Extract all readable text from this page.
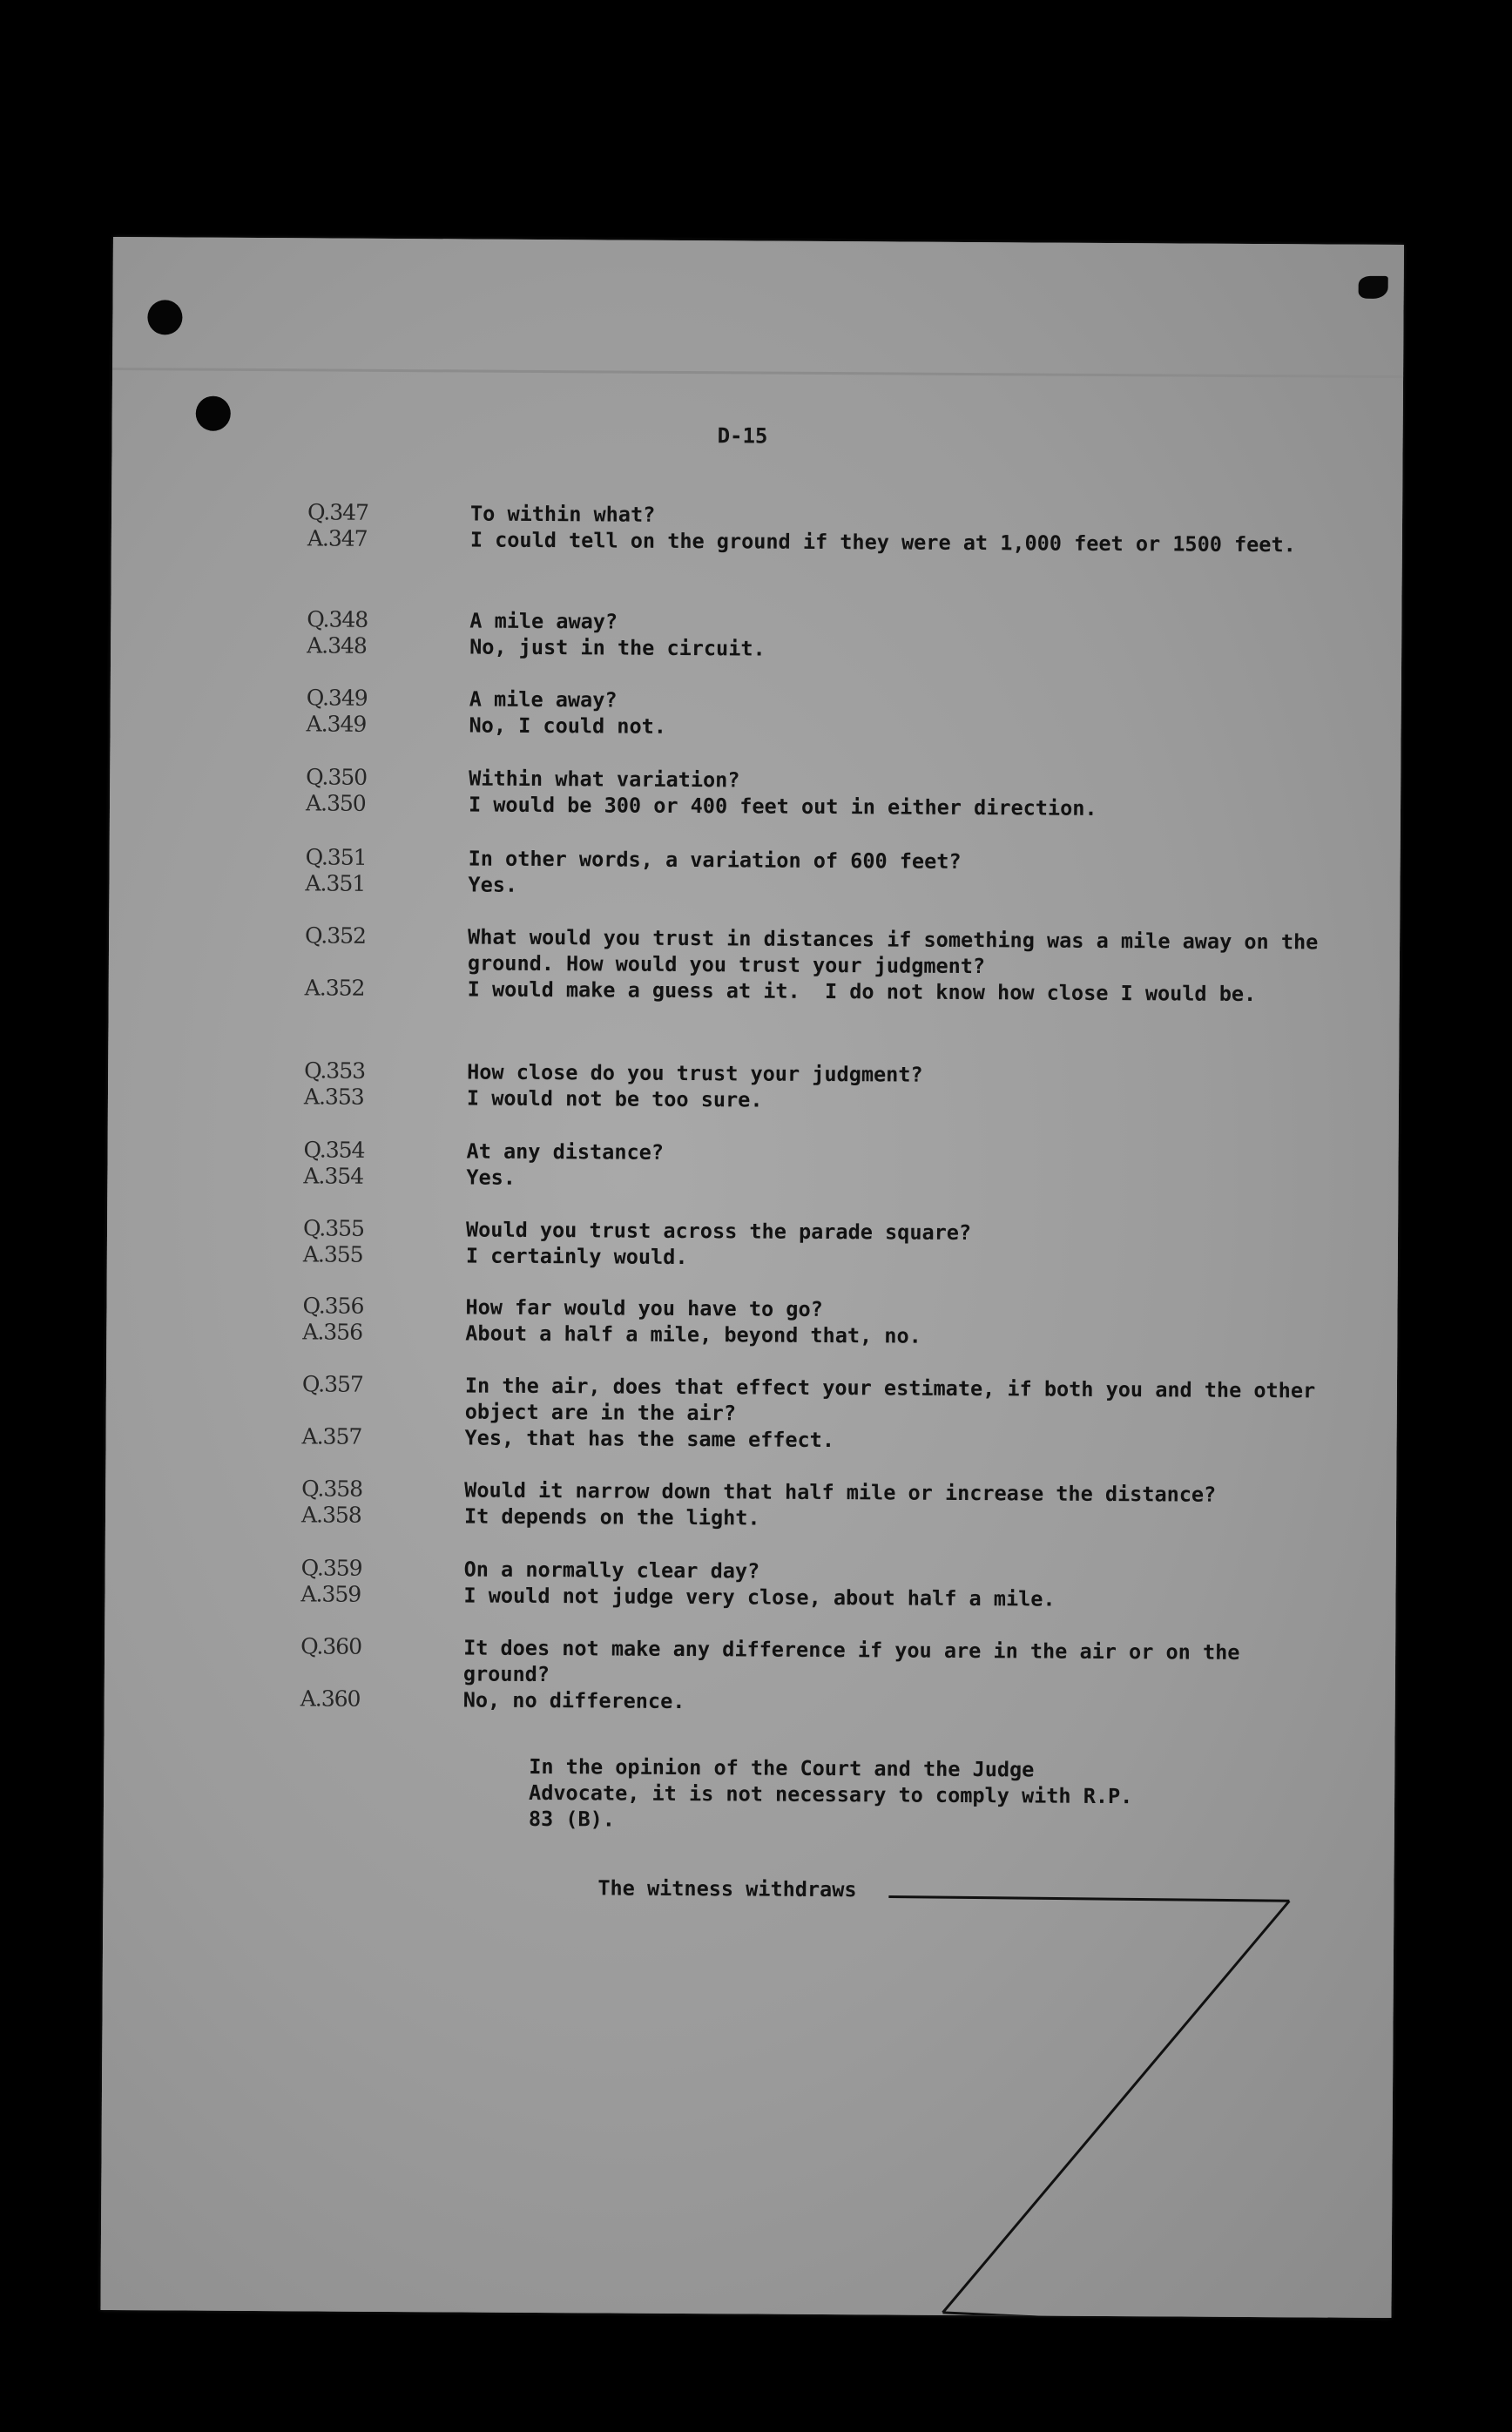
D-15
Q.347	To within what?
A.347	I could tell on the ground if they were at 1,000 feet or 1500 feet.
Q.348	A mile away?
A.348	No, just in the circuit.
Q.349	A mile away?
A.349	No, I could not.
Q.350	Within what variation?
A.350	I would be 300 or 400 feet out in either direction.
Q.351	In other words, a variation of 600 feet?
A.351	Yes.
Q.352	What would you trust in distances if something was a mile away on the ground. How would you trust your judgment?
A.352	I would make a guess at it.  I do not know how close I would be.
Q.353	How close do you trust your judgment?
A.353	I would not be too sure.
Q.354	At any distance?
A.354	Yes.
Q.355	Would you trust across the parade square?
A.355	I certainly would.
Q.356	How far would you have to go?
A.356	About a half a mile, beyond that, no.
Q.357	In the air, does that effect your estimate, if both you and the other object are in the air?
A.357	Yes, that has the same effect.
Q.358	Would it narrow down that half mile or increase the distance?
A.358	It depends on the light.
Q.359	On a normally clear day?
A.359	I would not judge very close, about half a mile.
Q.360	It does not make any difference if you are in the air or on the ground?
A.360	No, no difference.
In the opinion of the Court and the Judge Advocate, it is not necessary to comply with R.P. 83 (B).
The witness withdraws
